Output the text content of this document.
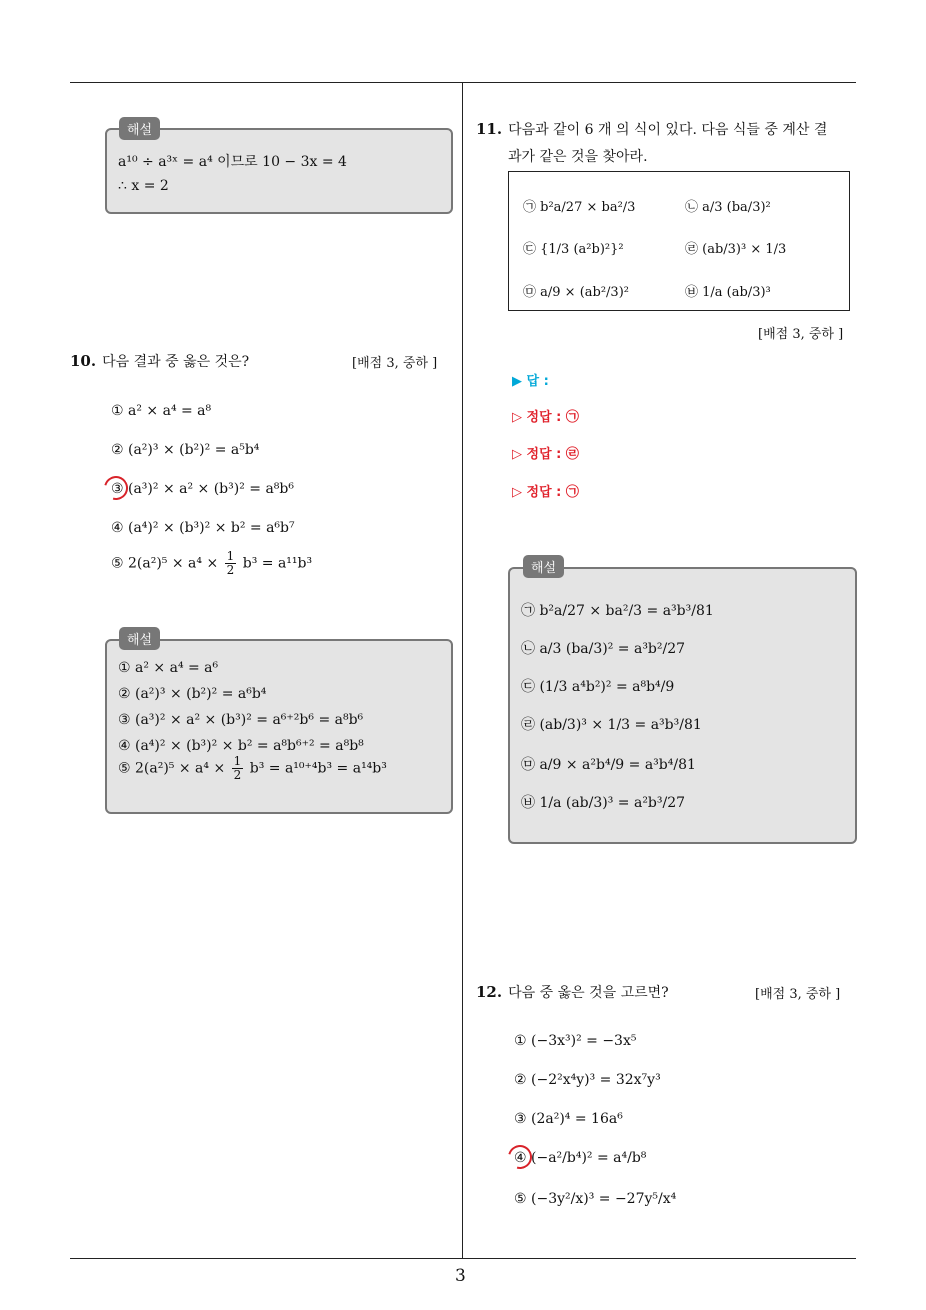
해설
a¹⁰ ÷ a³ˣ = a⁴ 이므로 10 − 3x = 4
∴ x = 2
10. 다음 결과 중 옳은 것은?	[배점 3, 중하 ]
① a² × a⁴ = a⁸
② (a²)³ × (b²)² = a⁵b⁴
③ (a³)² × a² × (b³)² = a⁸b⁶
④ (a⁴)² × (b³)² × b² = a⁶b⁷
⑤ $2(a^2)^5 \times a^4 \times \frac{1}{2} b^3 = a^{11}b^3$
해설
① a² × a⁴ = a⁶
② (a²)³ × (b²)² = a⁶b⁴
③ (a³)² × a² × (b³)² = a⁶⁺²b⁶ = a⁸b⁶
④ (a⁴)² × (b³)² × b² = a⁸b⁶⁺² = a⁸b⁸
⑤ $2(a^2)^5 \times a^4 \times \frac{1}{2} b^3 = a^{10+4}b^3 = a^{14}b^3$
11. 다음과 같이 6 개 의 식이 있다. 다음 식들 중 계산 결
과가 같은 것을 찾아라.
㉠ b²a/27 × ba²/3	㉡ a/3 (ba/3)²
㉢ {1/3 (a²b)²}²	㉣ (ab/3)³ × 1/3
㉤ a/9 × (ab²/3)²	㉥ 1/a (ab/3)³
[배점 3, 중하 ]
▶ 답 :
▷ 정답 : ㉠
▷ 정답 : ㉣
▷ 정답 : ㉠
해설
㉠ b²a/27 × ba²/3 = a³b³/81
㉡ a/3 (ba/3)² = a³b²/27
㉢ (1/3 a⁴b²)² = a⁸b⁴/9
㉣ (ab/3)³ × 1/3 = a³b³/81
㉤ a/9 × a²b⁴/9 = a³b⁴/81
㉥ 1/a (ab/3)³ = a²b³/27
12. 다음 중 옳은 것을 고르면?	[배점 3, 중하 ]
① (−3x³)² = −3x⁵
② (−2²x⁴y)³ = 32x⁷y³
③ (2a²)⁴ = 16a⁶
④ (−a²/b⁴)² = a⁴/b⁸
⑤ (−3y²/x)³ = −27y⁵/x⁴
3
